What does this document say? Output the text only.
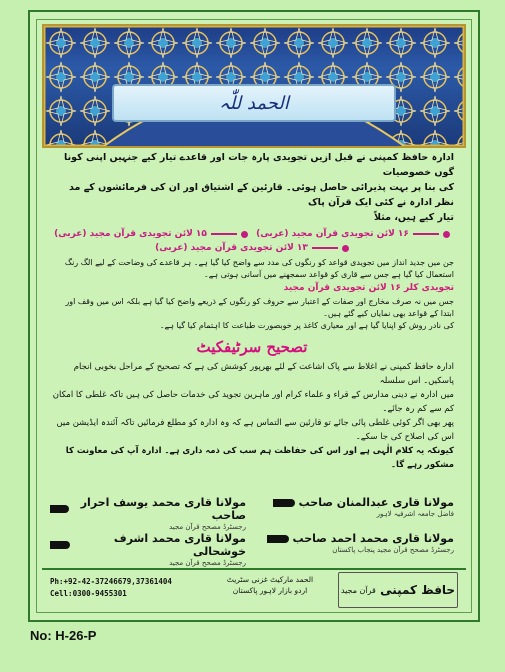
الحمد للّٰہ

ادارہ حافظ کمپنی نے قبل ازیں تجویدی پارہ جات اور قاعدے تیار کیے جنہیں اپنی کونا گوں خصوصیات

کی بنا پر بہت پذیرائی حاصل ہوئی۔ قارئین کے اشتیاق اور ان کی فرمائشوں کے مد نظر ادارہ نے کئی ایک قرآن پاک

تیار کیے ہیں، مثلاً

۱۶ لائن تجویدی قرآن مجید (عربی)
۱۵ لائن تجویدی قرآن مجید (عربی)
۱۳ لائن تجویدی قرآن مجید (عربی)

جن میں جدید انداز میں تجویدی قواعد کو رنگوں کی مدد سے واضح کیا گیا ہے۔ ہر قاعدے کی وضاحت کے لیے الگ رنگ استعمال کیا گیا ہے جس سے قاری کو قواعد سمجھنے میں آسانی ہوتی ہے۔

تجویدی کلر ۱۶ لائن تجویدی قرآن مجید

جس میں نہ صرف مخارج اور صفات کے اعتبار سے حروف کو رنگوں کے ذریعے واضح کیا گیا ہے بلکہ اس میں وقف اور ابتدا کے قواعد بھی نمایاں کیے گئے ہیں۔

کی نادر روش کو اپنایا گیا ہے اور معیاری کاغذ پر خوبصورت طباعت کا اہتمام کیا گیا ہے۔

تصحیح سرٹیفکیٹ

ادارہ حافظ کمپنی نے اغلاط سے پاک اشاعت کے لئے بھرپور کوشش کی ہے کہ تصحیح کے مراحل بخوبی انجام پاسکیں۔ اس سلسلہ

میں ادارہ نے دینی مدارس کے قراء و علماء کرام اور ماہرین تجوید کی خدمات حاصل کی ہیں تاکہ غلطی کا امکان کم سے کم رہ جائے۔

پھر بھی اگر کوئی غلطی پائی جائے تو قارئین سے التماس ہے کہ وہ ادارہ کو مطلع فرمائیں تاکہ آئندہ ایڈیشن میں اس کی اصلاح کی جا سکے۔

کیونکہ یہ کلام الٰہی ہے اور اس کی حفاظت ہم سب کی ذمہ داری ہے۔ ادارہ آپ کی معاونت کا مشکور رہے گا۔

مولانا قاری محمد یوسف احرار صاحب
رجسٹرڈ مصحح قرآن مجید
مولانا قاری عبدالمنان صاحب
فاضل جامعہ اشرفیہ لاہور
مولانا قاری محمد اشرف خوشحالی
رجسٹرڈ مصحح قرآن مجید
مولانا قاری محمد احمد صاحب
رجسٹرڈ مصحح قرآن مجید پنجاب پاکستان
Ph:+92-42-37246679,37361404
Cell:0300-9455301
الحمد مارکیٹ غزنی سٹریٹ
اردو بازار لاہور پاکستان	حافظ کمپنی

قرآن مجید
No: H-26-P
